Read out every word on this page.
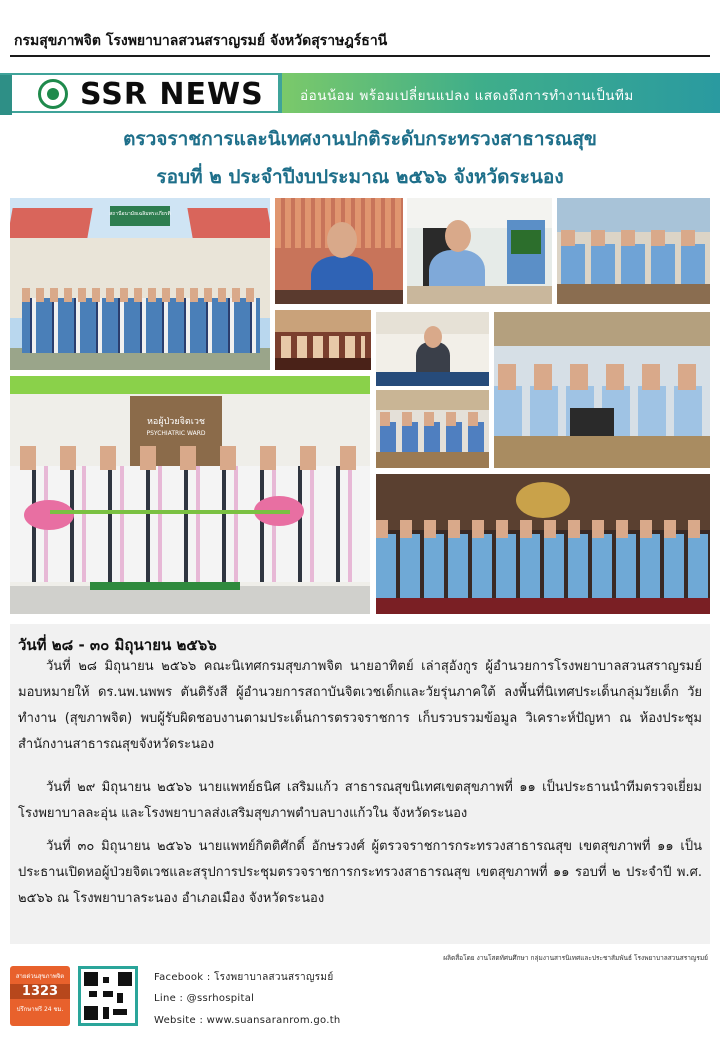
กรมสุขภาพจิต โรงพยาบาลสวนสราญรมย์ จังหวัดสุราษฎร์ธานี
SSR NEWS	อ่อนน้อม พร้อมเปลี่ยนแปลง แสดงถึงการทำงานเป็นทีม
ตรวจราชการและนิเทศงานปกติระดับกระทรวงสาธารณสุข
รอบที่ ๒ ประจำปีงบประมาณ ๒๕๖๖ จังหวัดระนอง
สถานีอนามัยเฉลิมพระเกียรติ
หอผู้ป่วยจิตเวช
PSYCHIATRIC WARD
วันที่ ๒๘ - ๓๐ มิถุนายน ๒๕๖๖

วันที่ ๒๘ มิถุนายน ๒๕๖๖ คณะนิเทศกรมสุขภาพจิต นายอาทิตย์ เล่าสุอังกูร ผู้อำนวยการโรงพยาบาลสวนสราญรมย์ มอบหมายให้ ดร.นพ.นพพร ตันติรังสี ผู้อำนวยการสถาบันจิตเวชเด็กและวัยรุ่นภาคใต้ ลงพื้นที่นิเทศประเด็นกลุ่มวัยเด็ก วัยทำงาน (สุขภาพจิต) พบผู้รับผิดชอบงานตามประเด็นการตรวจราชการ เก็บรวบรวมข้อมูล วิเคราะห์ปัญหา ณ ห้องประชุมสำนักงานสาธารณสุขจังหวัดระนอง

วันที่ ๒๙ มิถุนายน ๒๕๖๖ นายแพทย์ธนิศ เสริมแก้ว สาธารณสุขนิเทศเขตสุขภาพที่ ๑๑ เป็นประธานนำทีมตรวจเยี่ยมโรงพยาบาลละอุ่น และโรงพยาบาลส่งเสริมสุขภาพตำบลบางแก้วใน จังหวัดระนอง

วันที่ ๓๐ มิถุนายน ๒๕๖๖ นายแพทย์กิตติศักดิ์ อักษรวงศ์ ผู้ตรวจราชการกระทรวงสาธารณสุข เขตสุขภาพที่ ๑๑ เป็นประธานเปิดหอผู้ป่วยจิตเวชและสรุปการประชุมตรวจราชการกระทรวงสาธารณสุข เขตสุขภาพที่ ๑๑ รอบที่ ๒ ประจำปี พ.ศ. ๒๕๖๖ ณ โรงพยาบาลระนอง อำเภอเมือง จังหวัดระนอง

ผลิตสื่อโดย งานโสตทัศนศึกษา กลุ่มงานสารนิเทศและประชาสัมพันธ์ โรงพยาบาลสวนสราญรมย์
สายด่วนสุขภาพจิต
1323
ปรึกษาฟรี 24 ชม.
Facebook : โรงพยาบาลสวนสราญรมย์
Line : @ssrhospital
Website : www.suansaranrom.go.th
